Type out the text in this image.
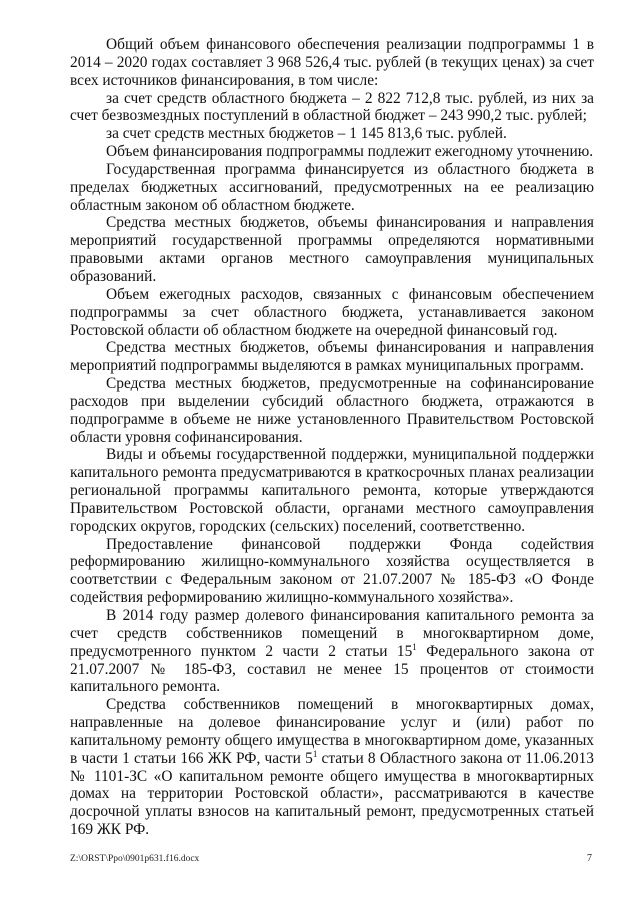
Общий объем финансового обеспечения реализации подпрограммы 1 в 2014 – 2020 годах составляет 3 968 526,4 тыс. рублей (в текущих ценах) за счет всех источников финансирования, в том числе:

за счет средств областного бюджета – 2 822 712,8 тыс. рублей, из них за счет безвозмездных поступлений в областной бюджет – 243 990,2 тыс. рублей;

за счет средств местных бюджетов – 1 145 813,6 тыс. рублей.

Объем финансирования подпрограммы подлежит ежегодному уточнению.

Государственная программа финансируется из областного бюджета в пределах бюджетных ассигнований, предусмотренных на ее реализацию областным законом об областном бюджете.

Средства местных бюджетов, объемы финансирования и направления мероприятий государственной программы определяются нормативными правовыми актами органов местного самоуправления муниципальных образований.

Объем ежегодных расходов, связанных с финансовым обеспечением подпрограммы за счет областного бюджета, устанавливается законом Ростовской области об областном бюджете на очередной финансовый год.

Средства местных бюджетов, объемы финансирования и направления мероприятий подпрограммы выделяются в рамках муниципальных программ.

Средства местных бюджетов, предусмотренные на софинансирование расходов при выделении субсидий областного бюджета, отражаются в подпрограмме в объеме не ниже установленного Правительством Ростовской области уровня софинансирования.

Виды и объемы государственной поддержки, муниципальной поддержки капитального ремонта предусматриваются в краткосрочных планах реализации региональной программы капитального ремонта, которые утверждаются Правительством Ростовской области, органами местного самоуправления городских округов, городских (сельских) поселений, соответственно.

Предоставление финансовой поддержки Фонда содействия реформированию жилищно-коммунального хозяйства осуществляется в соответствии с Федеральным законом от 21.07.2007 № 185-ФЗ «О Фонде содействия реформированию жилищно-коммунального хозяйства».

В 2014 году размер долевого финансирования капитального ремонта за счет средств собственников помещений в многоквартирном доме, предусмотренного пунктом 2 части 2 статьи $15^1$ Федерального закона от 21.07.2007 № 185-ФЗ, составил не менее 15 процентов от стоимости капитального ремонта.

Средства собственников помещений в многоквартирных домах, направленные на долевое финансирование услуг и (или) работ по капитальному ремонту общего имущества в многоквартирном доме, указанных в части 1 статьи 166 ЖК РФ, части $5^1$ статьи 8 Областного закона от 11.06.2013 № 1101-ЗС «О капитальном ремонте общего имущества в многоквартирных домах на территории Ростовской области», рассматриваются в качестве досрочной уплаты взносов на капитальный ремонт, предусмотренных статьей 169 ЖК РФ.

Z:\ORST\Ppo\0901p631.f16.docx	7
